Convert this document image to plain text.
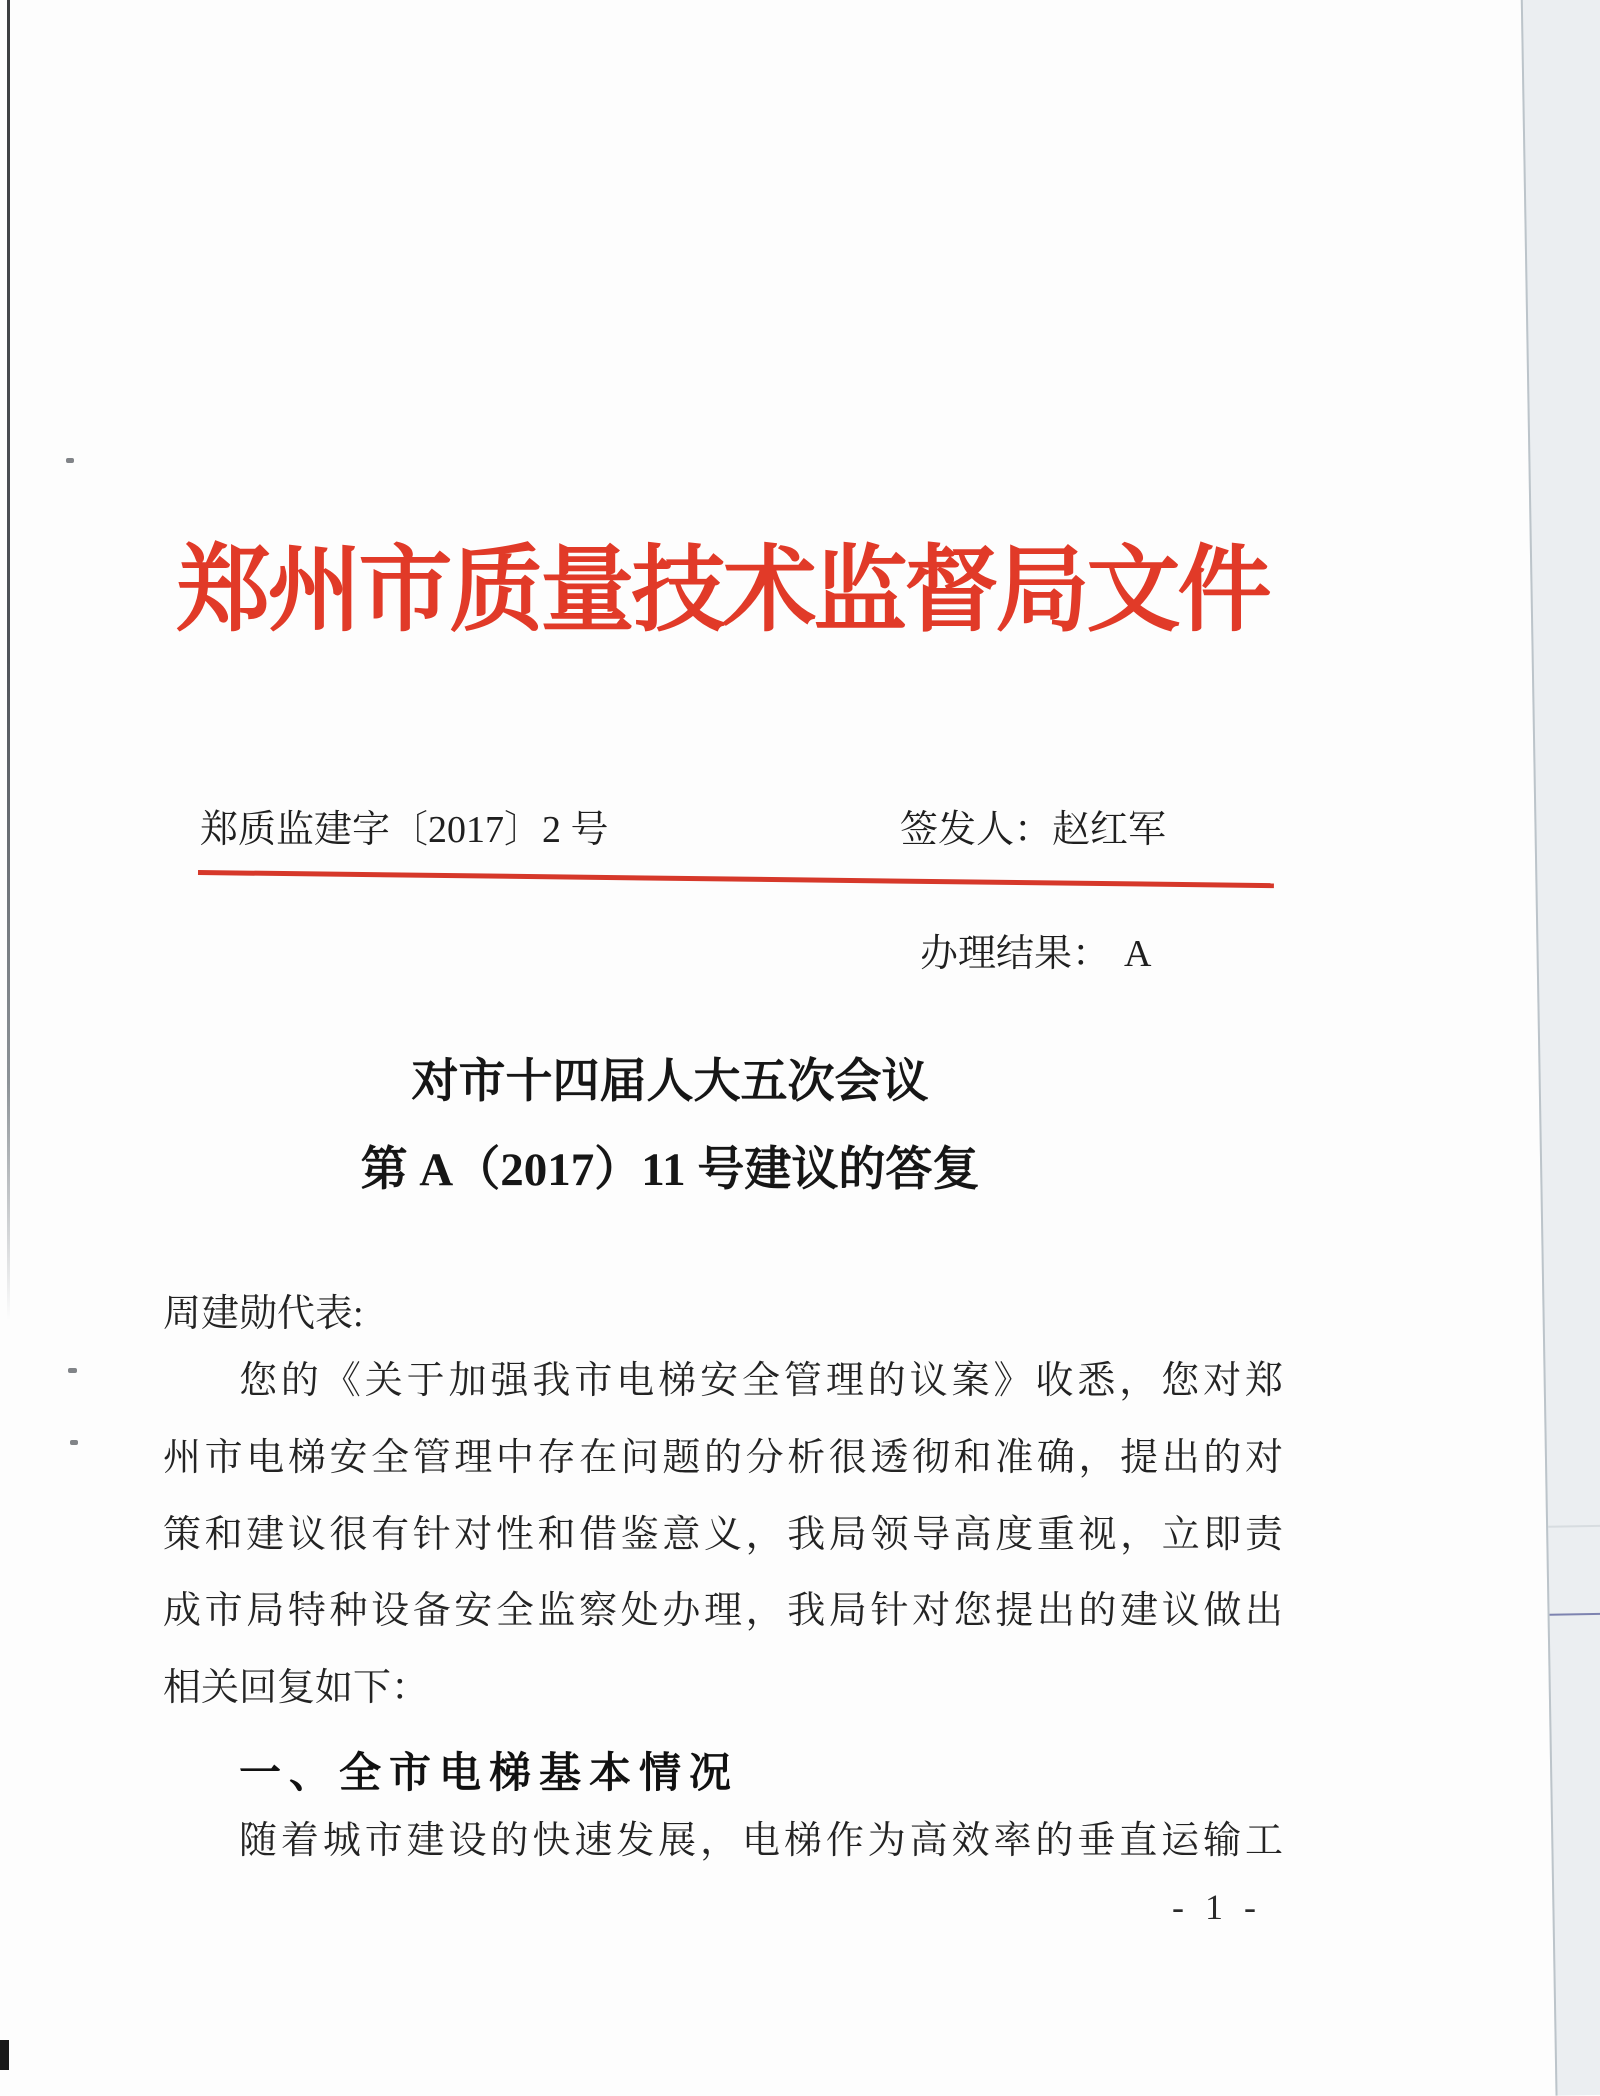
郑州市质量技术监督局文件
郑质监建字〔2017〕2 号	签发人：赵红军
办理结果： A
对市十四届人大五次会议
第 A（2017）11 号建议的答复
周建勋代表:
您的《关于加强我市电梯安全管理的议案》收悉，您对郑
州市电梯安全管理中存在问题的分析很透彻和准确，提出的对
策和建议很有针对性和借鉴意义，我局领导高度重视，立即责
成市局特种设备安全监察处办理，我局针对您提出的建议做出
相关回复如下：
一、全市电梯基本情况
随着城市建设的快速发展，电梯作为高效率的垂直运输工
- 1 -
